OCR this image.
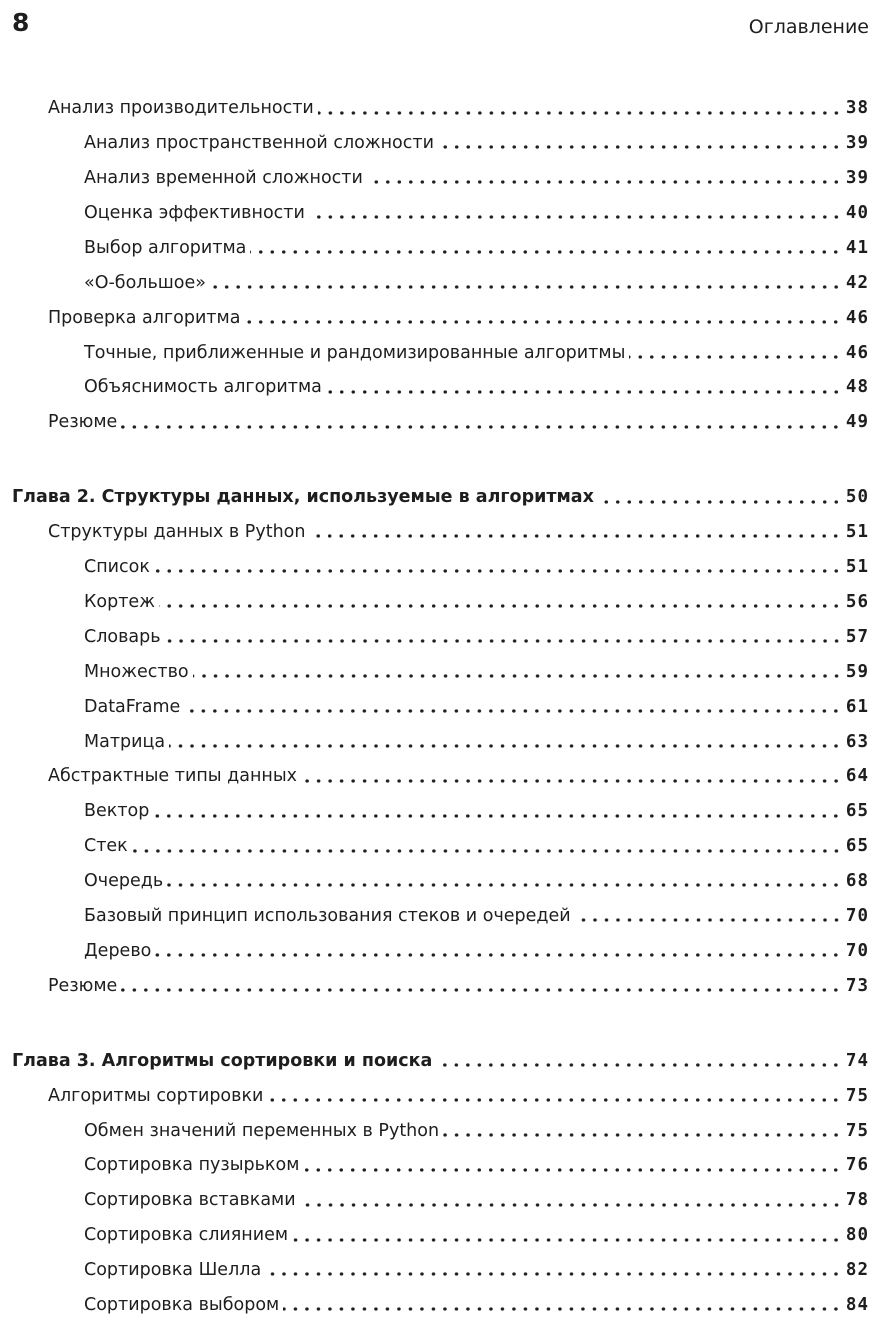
8	Оглавление
Анализ производительности	38
Анализ пространственной сложности	39
Анализ временной сложности	39
Оценка эффективности	40
Выбор алгоритма	41
«О-большое»	42
Проверка алгоритма	46
Точные, приближенные и рандомизированные алгоритмы	46
Объяснимость алгоритма	48
Резюме	49
Глава 2. Структуры данных, используемые в алгоритмах	50
Структуры данных в Python	51
Список	51
Кортеж	56
Словарь	57
Множество	59
DataFrame	61
Матрица	63
Абстрактные типы данных	64
Вектор	65
Стек	65
Очередь	68
Базовый принцип использования стеков и очередей	70
Дерево	70
Резюме	73
Глава 3. Алгоритмы сортировки и поиска	74
Алгоритмы сортировки	75
Обмен значений переменных в Python	75
Сортировка пузырьком	76
Сортировка вставками	78
Сортировка слиянием	80
Сортировка Шелла	82
Сортировка выбором	84
